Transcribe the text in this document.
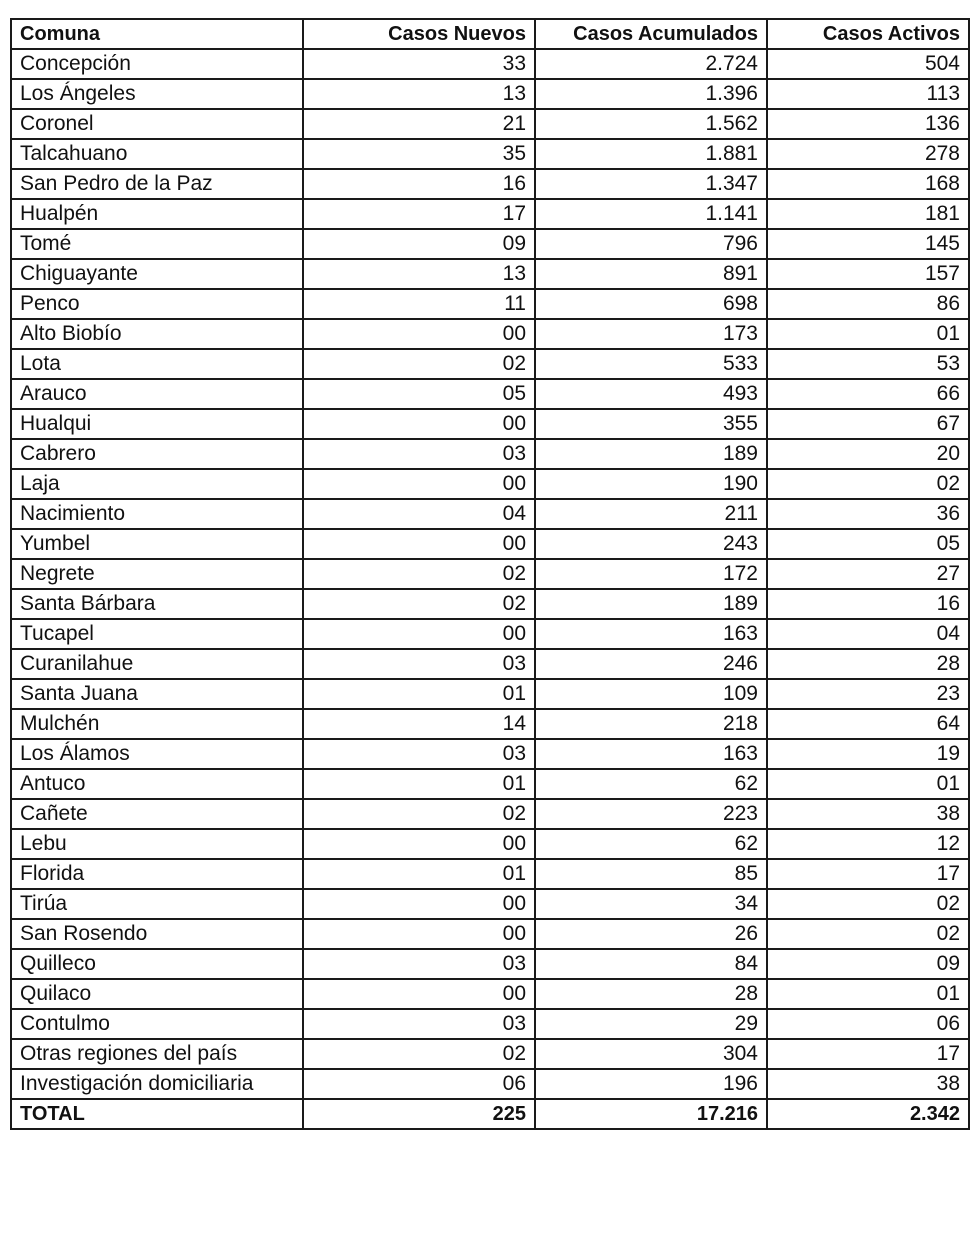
Comuna	Casos Nuevos	Casos Acumulados	Casos Activos
Concepción	33	2.724	504
Los Ángeles	13	1.396	113
Coronel	21	1.562	136
Talcahuano	35	1.881	278
San Pedro de la Paz	16	1.347	168
Hualpén	17	1.141	181
Tomé	09	796	145
Chiguayante	13	891	157
Penco	11	698	86
Alto Biobío	00	173	01
Lota	02	533	53
Arauco	05	493	66
Hualqui	00	355	67
Cabrero	03	189	20
Laja	00	190	02
Nacimiento	04	211	36
Yumbel	00	243	05
Negrete	02	172	27
Santa Bárbara	02	189	16
Tucapel	00	163	04
Curanilahue	03	246	28
Santa Juana	01	109	23
Mulchén	14	218	64
Los Álamos	03	163	19
Antuco	01	62	01
Cañete	02	223	38
Lebu	00	62	12
Florida	01	85	17
Tirúa	00	34	02
San Rosendo	00	26	02
Quilleco	03	84	09
Quilaco	00	28	01
Contulmo	03	29	06
Otras regiones del país	02	304	17
Investigación domiciliaria	06	196	38
TOTAL	225	17.216	2.342
